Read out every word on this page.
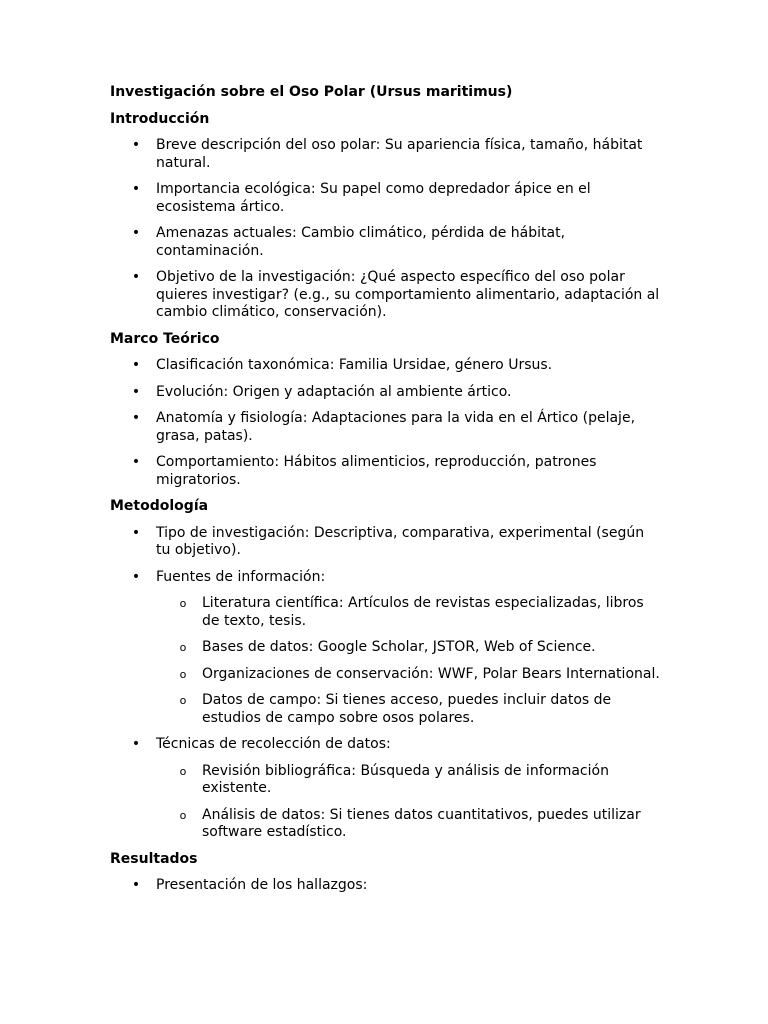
Investigación sobre el Oso Polar (Ursus maritimus)
Introducción
• Breve descripción del oso polar: Su apariencia física, tamaño, hábitat natural.
• Importancia ecológica: Su papel como depredador ápice en el ecosistema ártico.
• Amenazas actuales: Cambio climático, pérdida de hábitat, contaminación.
• Objetivo de la investigación: ¿Qué aspecto específico del oso polar quieres investigar? (e.g., su comportamiento alimentario, adaptación al cambio climático, conservación).
Marco Teórico
• Clasificación taxonómica: Familia Ursidae, género Ursus.
• Evolución: Origen y adaptación al ambiente ártico.
• Anatomía y fisiología: Adaptaciones para la vida en el Ártico (pelaje, grasa, patas).
• Comportamiento: Hábitos alimenticios, reproducción, patrones migratorios.
Metodología
• Tipo de investigación: Descriptiva, comparativa, experimental (según tu objetivo).
• Fuentes de información:
o Literatura científica: Artículos de revistas especializadas, libros de texto, tesis.
o Bases de datos: Google Scholar, JSTOR, Web of Science.
o Organizaciones de conservación: WWF, Polar Bears International.
o Datos de campo: Si tienes acceso, puedes incluir datos de estudios de campo sobre osos polares.
• Técnicas de recolección de datos:
o Revisión bibliográfica: Búsqueda y análisis de información existente.
o Análisis de datos: Si tienes datos cuantitativos, puedes utilizar software estadístico.
Resultados
• Presentación de los hallazgos:
